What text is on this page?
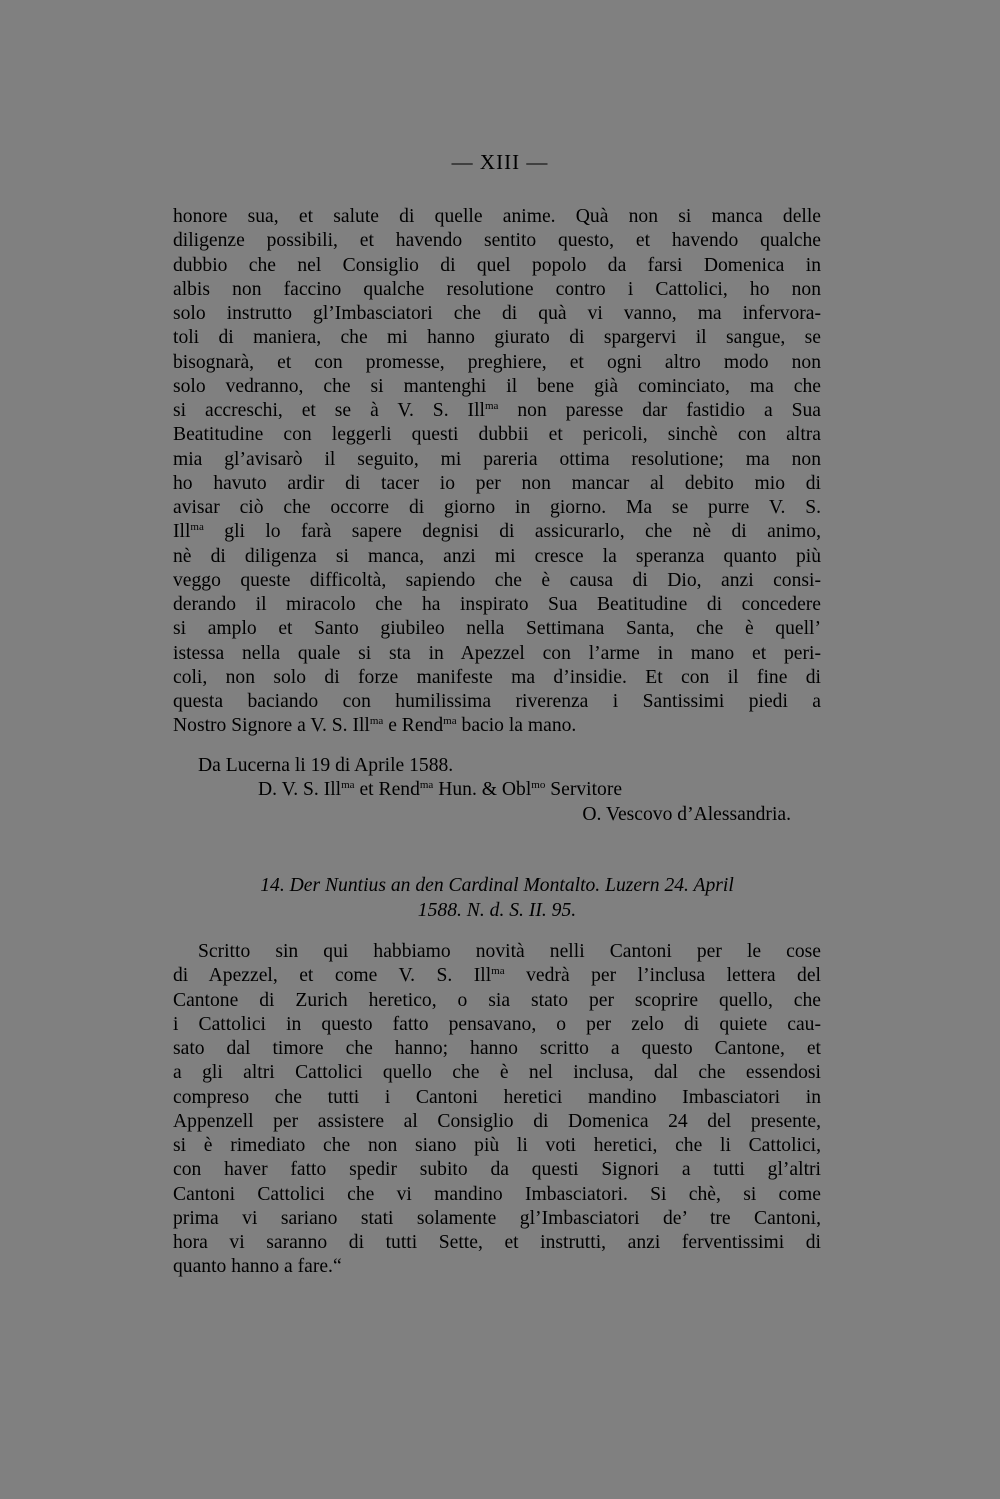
— XIII —
honore sua, et salute di quelle anime. Quà non si manca delle
diligenze possibili, et havendo sentito questo, et havendo qualche
dubbio che nel Consiglio di quel popolo da farsi Domenica in
albis non faccino qualche resolutione contro i Cattolici, ho non
solo instrutto gl’Imbasciatori che di quà vi vanno, ma infervora-
toli di maniera, che mi hanno giurato di spargervi il sangue, se
bisognarà, et con promesse, preghiere, et ogni altro modo non
solo vedranno, che si mantenghi il bene già cominciato, ma che
si accreschi, et se à V. S. Ill$^{ma}$ non paresse dar fastidio a Sua
Beatitudine con leggerli questi dubbii et pericoli, sinchè con altra
mia gl’avisarò il seguito, mi pareria ottima resolutione; ma non
ho havuto ardir di tacer io per non mancar al debito mio di
avisar ciò che occorre di giorno in giorno. Ma se purre V. S.
Ill$^{ma}$ gli lo farà sapere degnisi di assicurarlo, che nè di animo,
nè di diligenza si manca, anzi mi cresce la speranza quanto più
veggo queste difficoltà, sapiendo che è causa di Dio, anzi consi-
derando il miracolo che ha inspirato Sua Beatitudine di concedere
si amplo et Santo giubileo nella Settimana Santa, che è quell’
istessa nella quale si sta in Apezzel con l’arme in mano et peri-
coli, non solo di forze manifeste ma d’insidie. Et con il fine di
questa baciando con humilissima riverenza i Santissimi piedi a
Nostro Signore a V. S. Ill$^{ma}$ e Rend$^{ma}$ bacio la mano.
Da Lucerna li 19 di Aprile 1588.
D. V. S. Ill$^{ma}$ et Rend$^{ma}$ Hun. & Obl$^{mo}$ Servitore
O. Vescovo d’Alessandria.
14. Der Nuntius an den Cardinal Montalto. Luzern 24. April
1588. N. d. S. II. 95.
Scritto sin qui habbiamo novità nelli Cantoni per le cose
di Apezzel, et come V. S. Ill$^{ma}$ vedrà per l’inclusa lettera del
Cantone di Zurich heretico, o sia stato per scoprire quello, che
i Cattolici in questo fatto pensavano, o per zelo di quiete cau-
sato dal timore che hanno; hanno scritto a questo Cantone, et
a gli altri Cattolici quello che è nel inclusa, dal che essendosi
compreso che tutti i Cantoni heretici mandino Imbasciatori in
Appenzell per assistere al Consiglio di Domenica 24 del presente,
si è rimediato che non siano più li voti heretici, che li Cattolici,
con haver fatto spedir subito da questi Signori a tutti gl’altri
Cantoni Cattolici che vi mandino Imbasciatori. Si chè, si come
prima vi sariano stati solamente gl’Imbasciatori de’ tre Cantoni,
hora vi saranno di tutti Sette, et instrutti, anzi ferventissimi di
quanto hanno a fare.“
